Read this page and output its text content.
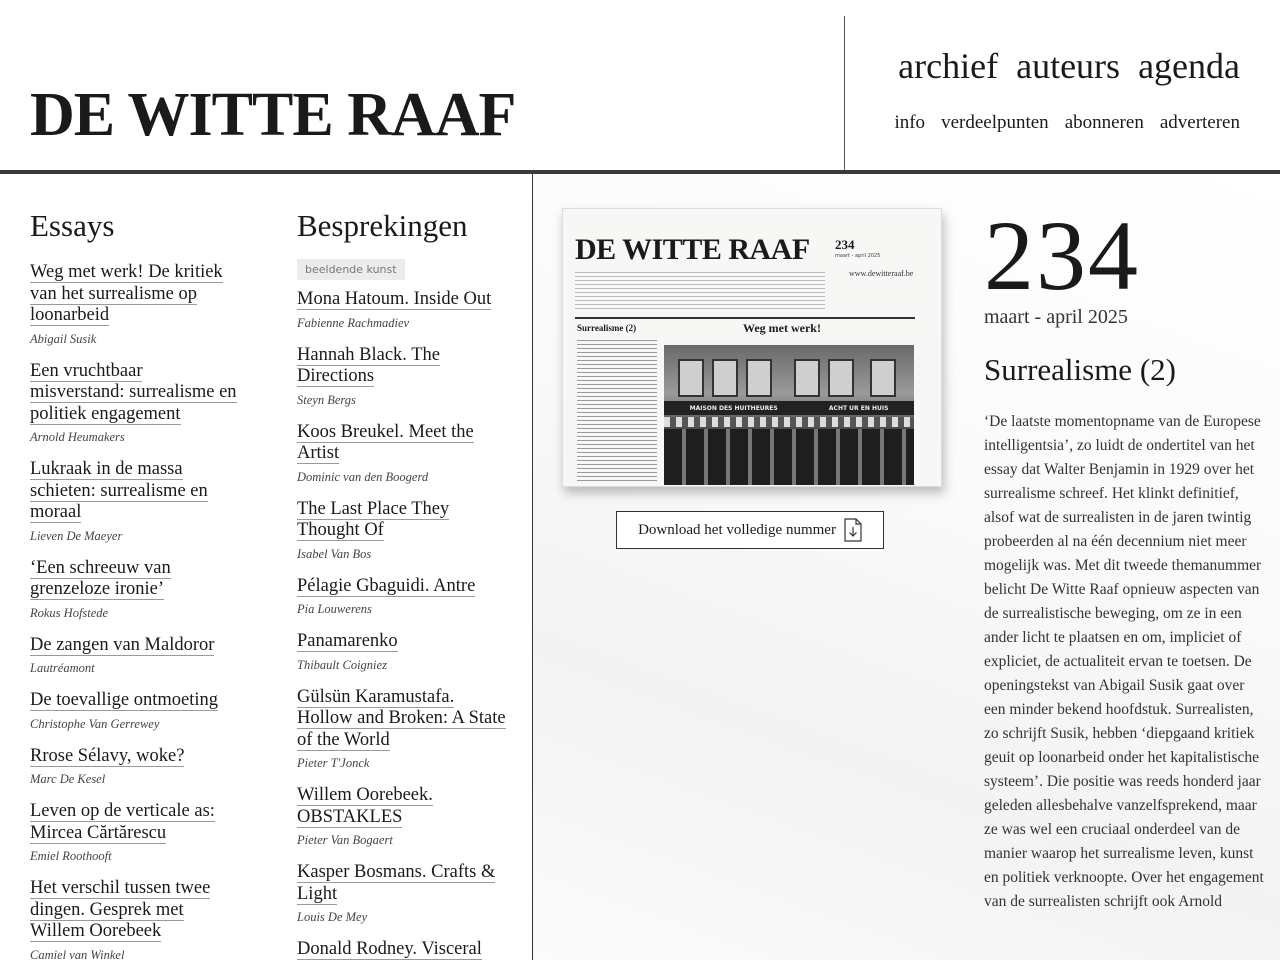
DE WITTE RAAF
archief auteurs agenda
info verdeelpunten abonneren adverteren
Essays
Weg met werk! De kritiek van het surrealisme op loonarbeid
Abigail Susik
Een vruchtbaar misverstand: surrealisme en politiek engagement
Arnold Heumakers
Lukraak in de massa schieten: surrealisme en moraal
Lieven De Maeyer
‘Een schreeuw van grenzeloze ironie’
Rokus Hofstede
De zangen van Maldoror
Lautréamont
De toevallige ontmoeting
Christophe Van Gerrewey
Rrose Sélavy, woke?
Marc De Kesel
Leven op de verticale as: Mircea Cărtărescu
Emiel Roothooft
Het verschil tussen twee dingen. Gesprek met Willem Oorebeek
Camiel van Winkel
Besprekingen
beeldende kunst
Mona Hatoum. Inside Out
Fabienne Rachmadiev
Hannah Black. The Directions
Steyn Bergs
Koos Breukel. Meet the Artist
Dominic van den Boogerd
The Last Place They Thought Of
Isabel Van Bos
Pélagie Gbaguidi. Antre
Pia Louwerens
Panamarenko
Thibault Coigniez
Gülsün Karamustafa. Hollow and Broken: A State of the World
Pieter T'Jonck
Willem Oorebeek. OBSTAKLES
Pieter Van Bogaert
Kasper Bosmans. Crafts & Light
Louis De Mey
Donald Rodney. Visceral
DE WITTE RAAF 234
maart - april 2025
www.dewitteraaf.be
Surrealisme (2)	Weg met werk!
MAISON DES HUITHEURES	ACHT UR EN HUIS
Download het volledige nummer
234
maart - april 2025
Surrealisme (2)
‘De laatste momentopname van de Europese intelligentsia’, zo luidt de ondertitel van het essay dat Walter Benjamin in 1929 over het surrealisme schreef. Het klinkt definitief, alsof wat de surrealisten in de jaren twintig probeerden al na één decennium niet meer mogelijk was. Met dit tweede themanummer belicht De Witte Raaf opnieuw aspecten van de surrealistische beweging, om ze in een ander licht te plaatsen en om, impliciet of expliciet, de actualiteit ervan te toetsen. De openingstekst van Abigail Susik gaat over een minder bekend hoofdstuk. Surrealisten, zo schrijft Susik, hebben ‘diepgaand kritiek geuit op loonarbeid onder het kapitalistische systeem’. Die positie was reeds honderd jaar geleden allesbehalve vanzelfsprekend, maar ze was wel een cruciaal onderdeel van de manier waarop het surrealisme leven, kunst en politiek verknoopte. Over het engagement van de surrealisten schrijft ook Arnold
